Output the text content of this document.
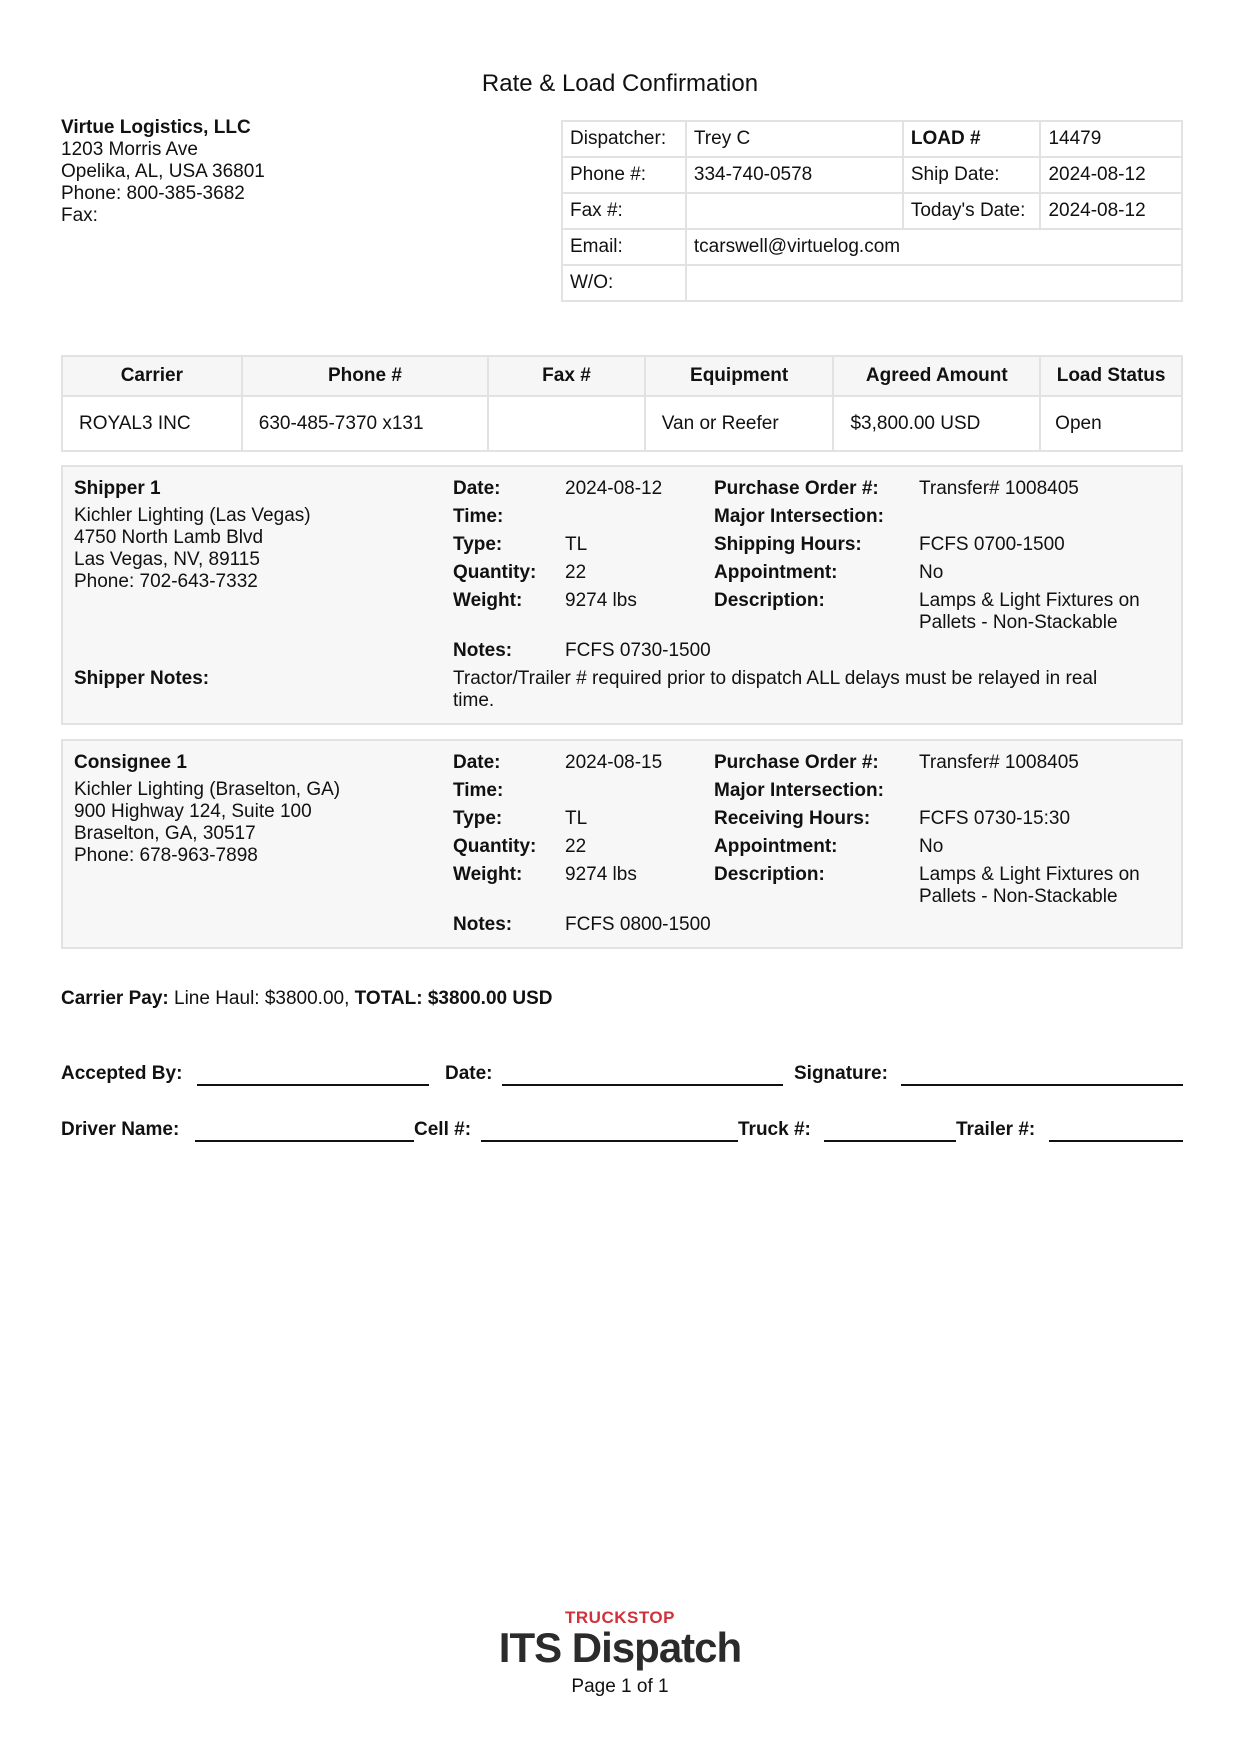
Rate & Load Confirmation
Virtue Logistics, LLC
1203 Morris Ave
Opelika, AL, USA 36801
Phone: 800-385-3682
Fax:
Dispatcher:	Trey C	LOAD #	14479
Phone #:	334-740-0578	Ship Date:	2024-08-12
Fax #:		Today's Date:	2024-08-12
Email:	tcarswell@virtuelog.com		
W/O:			
Carrier	Phone #	Fax #	Equipment	Agreed Amount	Load Status
ROYAL3 INC	630-485-7370 x131		Van or Reefer	$3,800.00 USD	Open
Shipper 1
Kichler Lighting (Las Vegas)
4750 North Lamb Blvd
Las Vegas, NV, 89115
Phone: 702-643-7332
Date:	2024-08-12
Time:
Type:	TL
Quantity: 22
Weight: 9274 lbs
Purchase Order #: Transfer# 1008405
Major Intersection:
Shipping Hours:	FCFS 0700-1500
Appointment:	No
Description:	Lamps & Light Fixtures on
Pallets - Non-Stackable
Notes:	FCFS 0730-1500
Shipper Notes:	Tractor/Trailer # required prior to dispatch ALL delays must be relayed in real
time.
Consignee 1
Kichler Lighting (Braselton, GA)
900 Highway 124, Suite 100
Braselton, GA, 30517
Phone: 678-963-7898
Date:	2024-08-15
Time:
Type:	TL
Quantity: 22
Weight: 9274 lbs
Purchase Order #: Transfer# 1008405
Major Intersection:
Receiving Hours:	FCFS 0730-15:30
Appointment:	No
Description:	Lamps & Light Fixtures on
Pallets - Non-Stackable
Notes:	FCFS 0800-1500
Carrier Pay: Line Haul: $3800.00, TOTAL: $3800.00 USD
Accepted By:	Date:	Signature:
Driver Name:	Cell #:	Truck #:	Trailer #:
TRUCKSTOP
ITS Dispatch
Page 1 of 1
